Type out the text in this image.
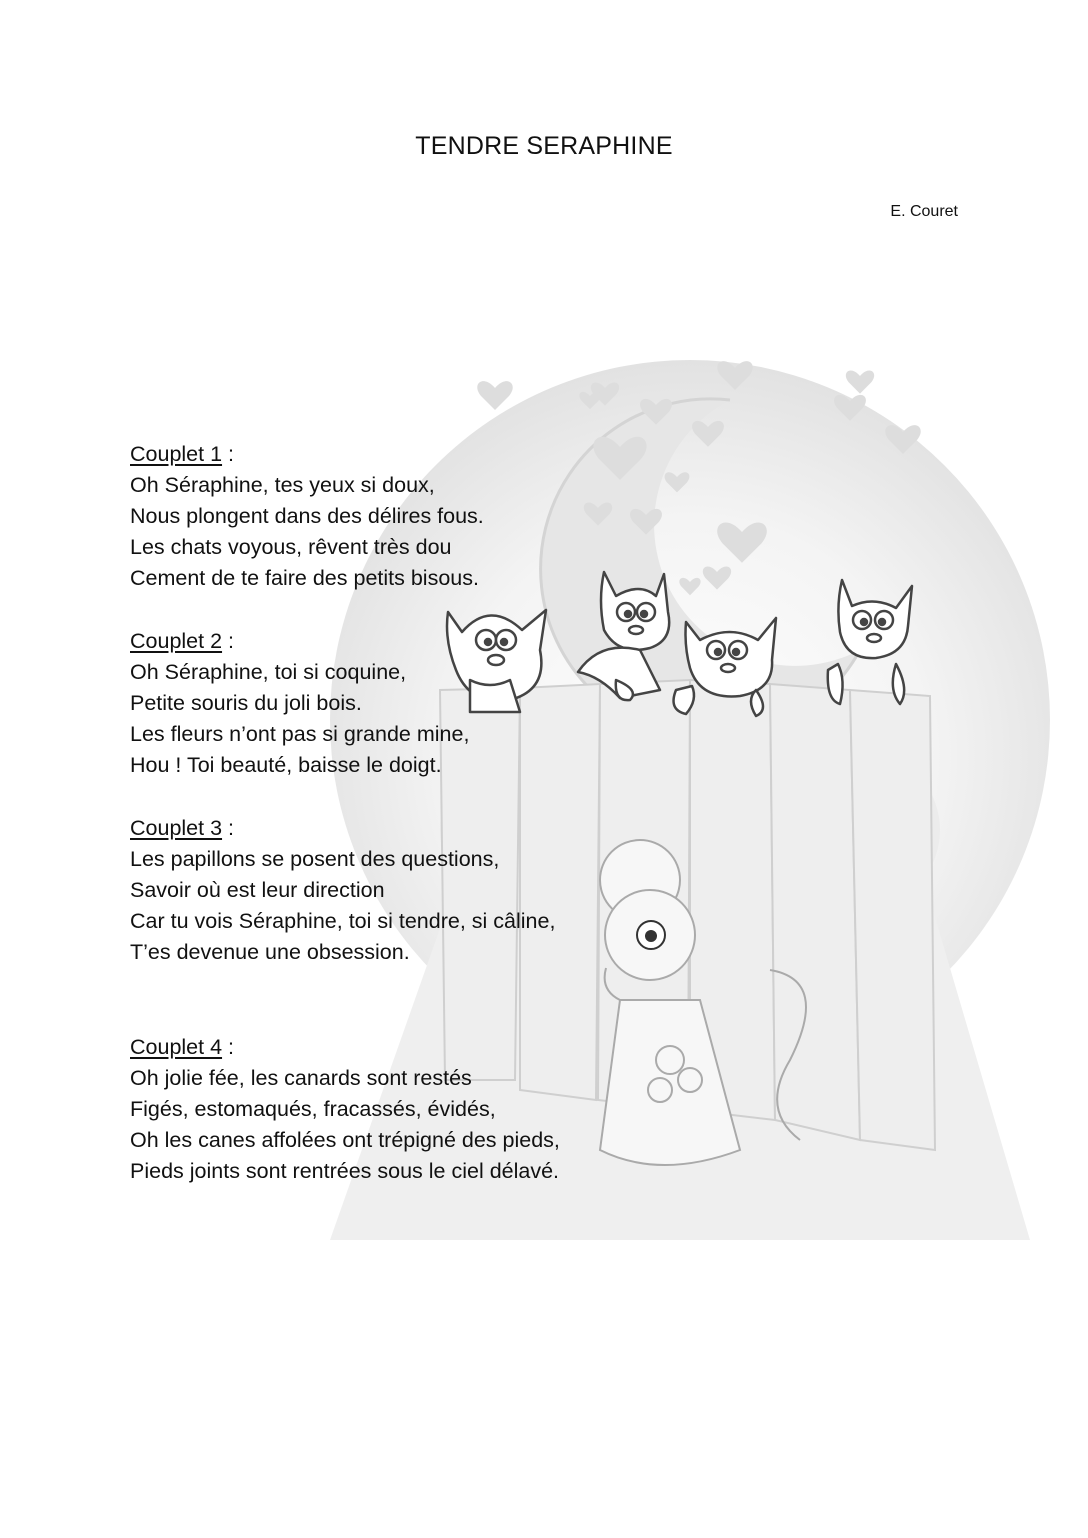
TENDRE SERAPHINE
E. Couret
Couplet 1 :
Oh Séraphine, tes yeux si doux,
Nous plongent dans des délires fous.
Les chats voyous, rêvent très dou
Cement de te faire des petits bisous.
Couplet 2 :
Oh Séraphine, toi si coquine,
Petite souris du joli bois.
Les fleurs n’ont pas si grande mine,
Hou ! Toi beauté, baisse le doigt.
Couplet 3 :
Les papillons se posent des questions,
Savoir où est leur direction
Car tu vois Séraphine, toi si tendre, si câline,
T’es devenue une obsession.
Couplet 4 :
Oh jolie fée, les canards sont restés
Figés, estomaqués, fracassés, évidés,
Oh les canes affolées ont trépigné des pieds,
Pieds joints sont rentrées sous le ciel délavé.
